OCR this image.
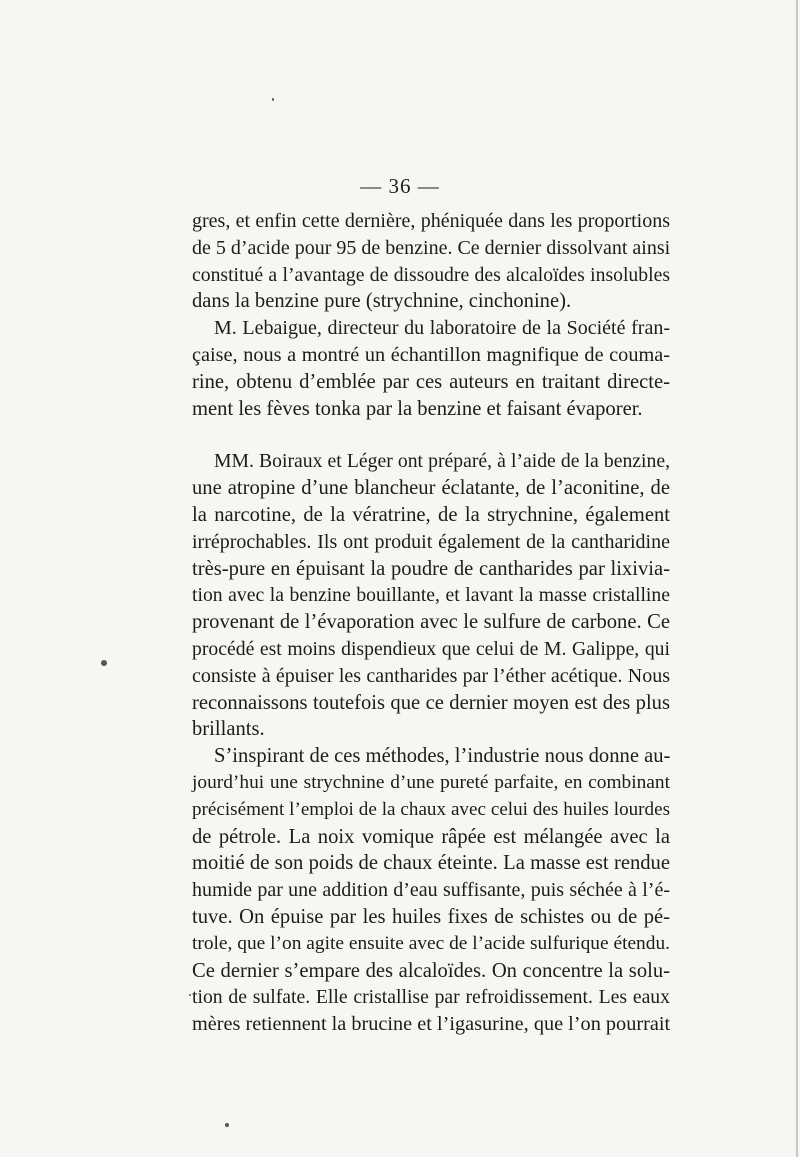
— 36 —
gres, et enfin cette dernière, phéniquée dans les proportions
de 5 d’acide pour 95 de benzine. Ce dernier dissolvant ainsi
constitué a l’avantage de dissoudre des alcaloïdes insolubles
dans la benzine pure (strychnine, cinchonine).
M. Lebaigue, directeur du laboratoire de la Société fran-
çaise, nous a montré un échantillon magnifique de couma-
rine, obtenu d’emblée par ces auteurs en traitant directe-
ment les fèves tonka par la benzine et faisant évaporer.
MM. Boiraux et Léger ont préparé, à l’aide de la benzine,
une atropine d’une blancheur éclatante, de l’aconitine, de
la narcotine, de la vératrine, de la strychnine, également
irréprochables. Ils ont produit également de la cantharidine
très-pure en épuisant la poudre de cantharides par lixivia-
tion avec la benzine bouillante, et lavant la masse cristalline
provenant de l’évaporation avec le sulfure de carbone. Ce
procédé est moins dispendieux que celui de M. Galippe, qui
consiste à épuiser les cantharides par l’éther acétique. Nous
reconnaissons toutefois que ce dernier moyen est des plus
brillants.
S’inspirant de ces méthodes, l’industrie nous donne au-
jourd’hui une strychnine d’une pureté parfaite, en combinant
précisément l’emploi de la chaux avec celui des huiles lourdes
de pétrole. La noix vomique râpée est mélangée avec la
moitié de son poids de chaux éteinte. La masse est rendue
humide par une addition d’eau suffisante, puis séchée à l’é-
tuve. On épuise par les huiles fixes de schistes ou de pé-
trole, que l’on agite ensuite avec de l’acide sulfurique étendu.
Ce dernier s’empare des alcaloïdes. On concentre la solu-
tion de sulfate. Elle cristallise par refroidissement. Les eaux
mères retiennent la brucine et l’igasurine, que l’on pourrait
